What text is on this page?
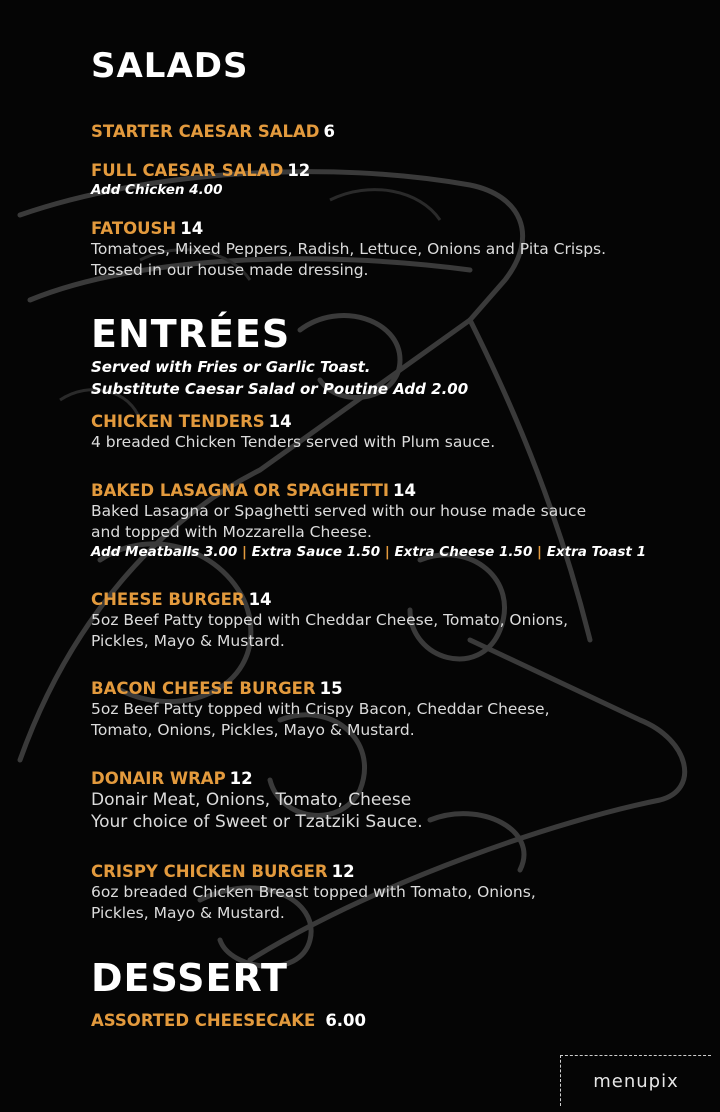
SALADS
STARTER CAESAR SALAD 6
FULL CAESAR SALAD 12
Add Chicken 4.00
FATOUSH 14
Tomatoes, Mixed Peppers, Radish, Lettuce, Onions and Pita Crisps.
Tossed in our house made dressing.
ENTRÉES
Served with Fries or Garlic Toast.
Substitute Caesar Salad or Poutine Add 2.00
CHICKEN TENDERS 14
4 breaded Chicken Tenders served with Plum sauce.
BAKED LASAGNA OR SPAGHETTI 14
Baked Lasagna or Spaghetti served with our house made sauce
and topped with Mozzarella Cheese.
Add Meatballs 3.00 | Extra Sauce 1.50 | Extra Cheese 1.50 | Extra Toast 1
CHEESE BURGER 14
5oz Beef Patty topped with Cheddar Cheese, Tomato, Onions,
Pickles, Mayo & Mustard.
BACON CHEESE BURGER 15
5oz Beef Patty topped with Crispy Bacon, Cheddar Cheese,
Tomato, Onions, Pickles, Mayo & Mustard.
DONAIR WRAP 12
Donair Meat, Onions, Tomato, Cheese
Your choice of Sweet or Tzatziki Sauce.
CRISPY CHICKEN BURGER 12
6oz breaded Chicken Breast topped with Tomato, Onions,
Pickles, Mayo & Mustard.
DESSERT
ASSORTED CHEESECAKE 6.00
menupix
